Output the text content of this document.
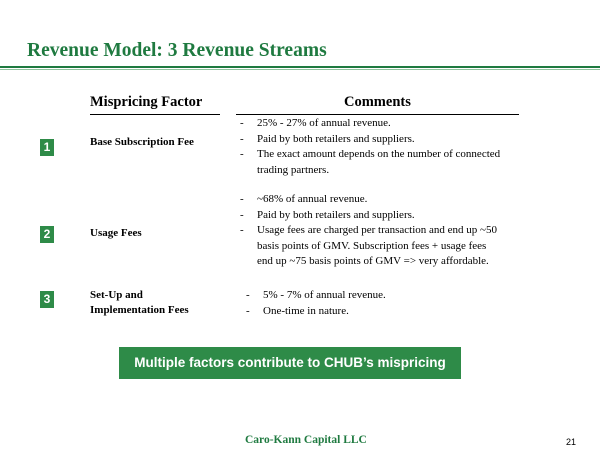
Revenue Model: 3 Revenue Streams
Mispricing Factor	Comments
1	Base Subscription Fee
- 25% - 27% of annual revenue.
- Paid by both retailers and suppliers.
- The exact amount depends on the number of connected
trading partners.
2	Usage Fees
- ~68% of annual revenue.
- Paid by both retailers and suppliers.
- Usage fees are charged per transaction and end up ~50
basis points of GMV. Subscription fees + usage fees
end up ~75 basis points of GMV => very affordable.
3	Set-Up and
Implementation Fees
- 5% - 7% of annual revenue.
- One-time in nature.
Multiple factors contribute to CHUB’s mispricing
Caro-Kann Capital LLC	21
